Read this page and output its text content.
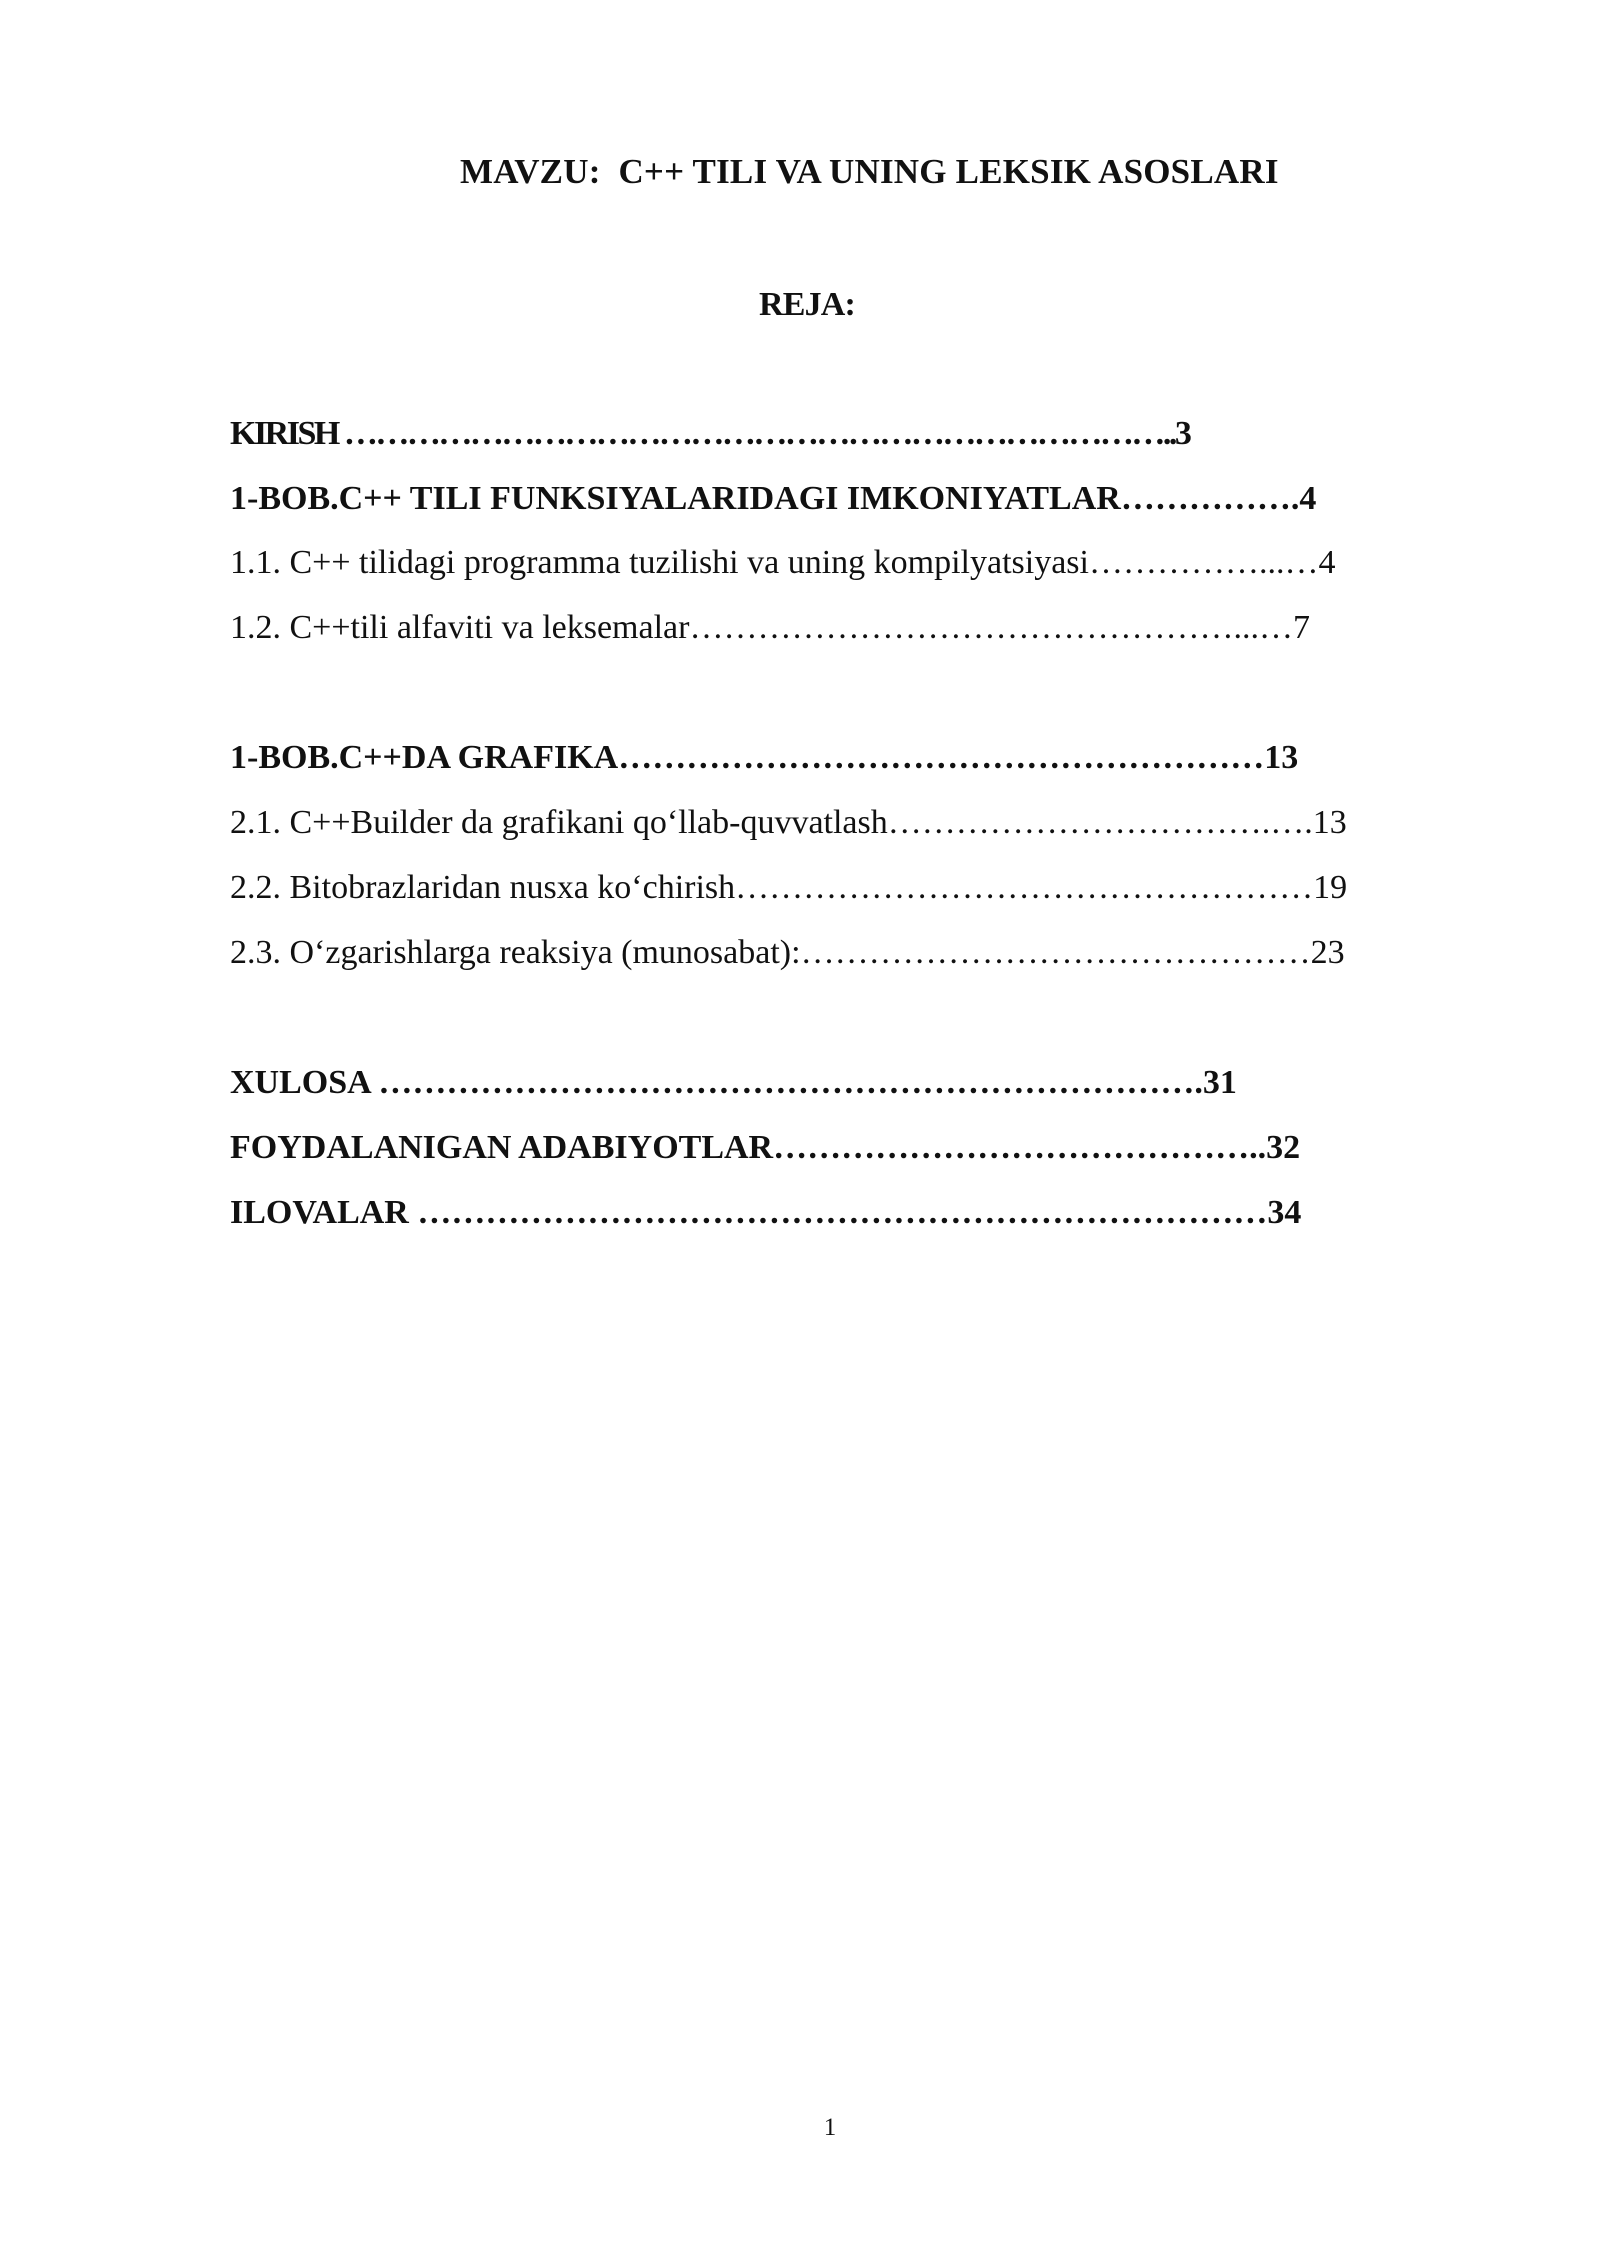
MAVZU:  C++ TILI VA UNING LEKSIK ASOSLARI
REJA:
KIRISH ……………………………………………………………………..3
1-BOB.C++ TILI FUNKSIYALARIDAGI IMKONIYATLAR…………….4
1.1. C++ tilidagi programma tuzilishi va uning kompilyatsiyasi……………...…4
1.2. C++tili alfaviti va leksemalar…………………………………………...…7
1-BOB.C++DA GRAFIKA…………………………………………………13
2.1. C++Builder da grafikani qo‘llab-quvvatlash…………………………….….13
2.2. Bitobrazlaridan nusxa ko‘chirish……………………………………………19
2.3. O‘zgarishlarga reaksiya (munosabat):………………………………………23
XULOSA ……………………………………………………………….31
FOYDALANIGAN ADABIYOTLAR……………………………………..32
ILOVALAR …………………………………………………………………34
1
